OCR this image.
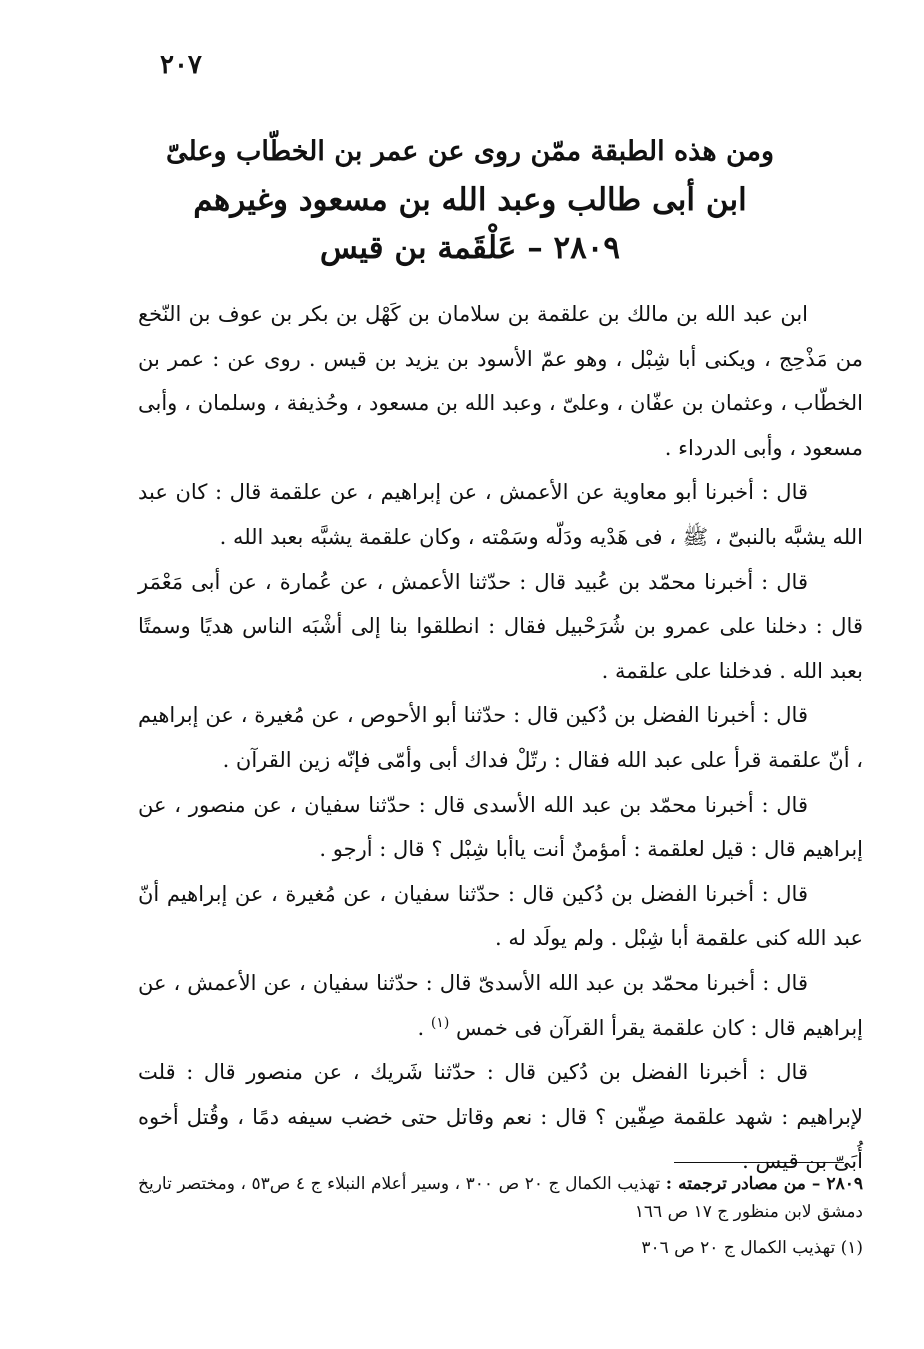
٢٠٧
ومن هذه الطبقة ممّن روى عن عمر بن الخطّاب وعلىّ
ابن أبى طالب وعبد الله بن مسعود وغيرهم
٢٨٠٩ – عَلْقَمة بن قيس

ابن عبد الله بن مالك بن علقمة بن سلامان بن كَهْل بن بكر بن عوف بن النّخع من مَذْحِج ، ويكنى أبا شِبْل ، وهو عمّ الأسود بن يزيد بن قيس . روى عن : عمر بن الخطّاب ، وعثمان بن عفّان ، وعلىّ ، وعبد الله بن مسعود ، وحُذيفة ، وسلمان ، وأبى مسعود ، وأبى الدرداء .

قال : أخبرنا أبو معاوية عن الأعمش ، عن إبراهيم ، عن علقمة قال : كان عبد الله يشبَّه بالنبىّ ، ﷺ ، فى هَدْيه ودَلّه وسَمْته ، وكان علقمة يشبَّه بعبد الله .

قال : أخبرنا محمّد بن عُبيد قال : حدّثنا الأعمش ، عن عُمارة ، عن أبى مَعْمَر قال : دخلنا على عمرو بن شُرَحْبيل فقال : انطلقوا بنا إلى أشْبَه الناس هديًا وسمتًا بعبد الله . فدخلنا على علقمة .

قال : أخبرنا الفضل بن دُكين قال : حدّثنا أبو الأحوص ، عن مُغيرة ، عن إبراهيم ، أنّ علقمة قرأ على عبد الله فقال : رتّلْ فداك أبى وأمّى فإنّه زين القرآن .

قال : أخبرنا محمّد بن عبد الله الأسدى قال : حدّثنا سفيان ، عن منصور ، عن إبراهيم قال : قيل لعلقمة : أمؤمنٌ أنت ياأبا شِبْل ؟ قال : أرجو .

قال : أخبرنا الفضل بن دُكين قال : حدّثنا سفيان ، عن مُغيرة ، عن إبراهيم أنّ عبد الله كنى علقمة أبا شِبْل . ولم يولَد له .

قال : أخبرنا محمّد بن عبد الله الأسدىّ قال : حدّثنا سفيان ، عن الأعمش ، عن إبراهيم قال : كان علقمة يقرأ القرآن فى خمس $^{(١)}$ .

قال : أخبرنا الفضل بن دُكين قال : حدّثنا شَريك ، عن منصور قال : قلت لإبراهيم : شهد علقمة صِفّين ؟ قال : نعم وقاتل حتى خضب سيفه دمًا ، وقُتل أخوه أُبَىّ بن قيس .

٢٨٠٩ – من مصادر ترجمته : تهذيب الكمال ج ٢٠ ص ٣٠٠ ، وسير أعلام النبلاء ج ٤ ص٥٣ ، ومختصر تاريخ دمشق لابن منظور ج ١٧ ص ١٦٦

(١) تهذيب الكمال ج ٢٠ ص ٣٠٦
